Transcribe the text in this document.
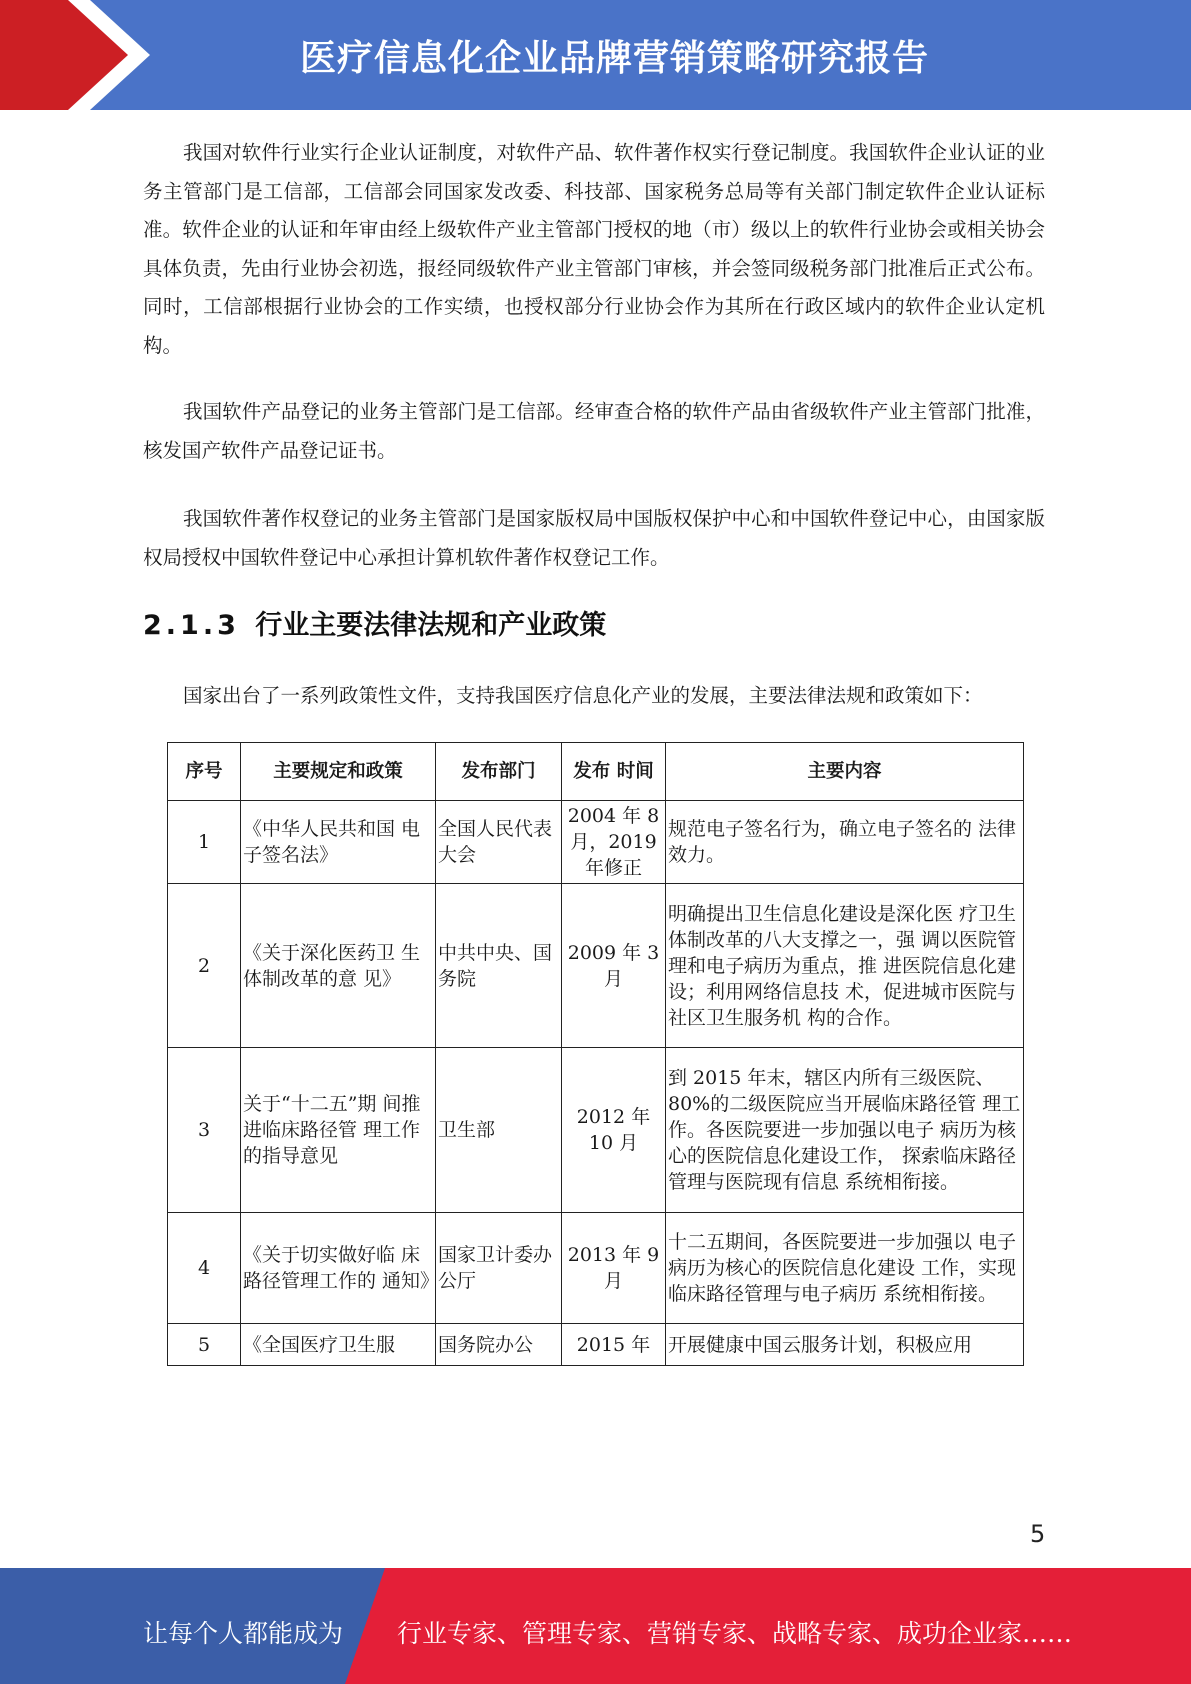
医疗信息化企业品牌营销策略研究报告

我国对软件行业实行企业认证制度，对软件产品、软件著作权实行登记制度。我国软件企业认证的业务主管部门是工信部，工信部会同国家发改委、科技部、国家税务总局等有关部门制定软件企业认证标准。软件企业的认证和年审由经上级软件产业主管部门授权的地（市）级以上的软件行业协会或相关协会具体负责，先由行业协会初选，报经同级软件产业主管部门审核，并会签同级税务部门批准后正式公布。同时，工信部根据行业协会的工作实绩，也授权部分行业协会作为其所在行政区域内的软件企业认定机构。

我国软件产品登记的业务主管部门是工信部。经审查合格的软件产品由省级软件产业主管部门批准，核发国产软件产品登记证书。

我国软件著作权登记的业务主管部门是国家版权局中国版权保护中心和中国软件登记中心，由国家版权局授权中国软件登记中心承担计算机软件著作权登记工作。

2.1.3 行业主要法律法规和产业政策

国家出台了一系列政策性文件，支持我国医疗信息化产业的发展，主要法律法规和政策如下：

序号	主要规定和政策	发布部门	发布 时间	主要内容
1	《中华人民共和国 电子签名法》	全国人民代表大会	2004 年 8 月，2019 年修正	规范电子签名行为，确立电子签名的 法律效力。
2	《关于深化医药卫 生体制改革的意 见》	中共中央、国务院	2009 年 3 月	明确提出卫生信息化建设是深化医 疗卫生体制改革的八大支撑之一，强 调以医院管理和电子病历为重点，推 进医院信息化建设；利用网络信息技 术，促进城市医院与社区卫生服务机 构的合作。
3	关于“十二五”期 间推进临床路径管 理工作的指导意见	卫生部	2012 年 10 月	到 2015 年末，辖区内所有三级医院、80%的二级医院应当开展临床路径管 理工作。各医院要进一步加强以电子 病历为核心的医院信息化建设工作， 探索临床路径管理与医院现有信息 系统相衔接。
4	《关于切实做好临 床路径管理工作的 通知》	国家卫计委办公厅	2013 年 9 月	十二五期间，各医院要进一步加强以 电子病历为核心的医院信息化建设 工作，实现临床路径管理与电子病历 系统相衔接。
5	《全国医疗卫生服	国务院办公	2015 年	开展健康中国云服务计划，积极应用
5
让每个人都能成为 行业专家、管理专家、营销专家、战略专家、成功企业家……
